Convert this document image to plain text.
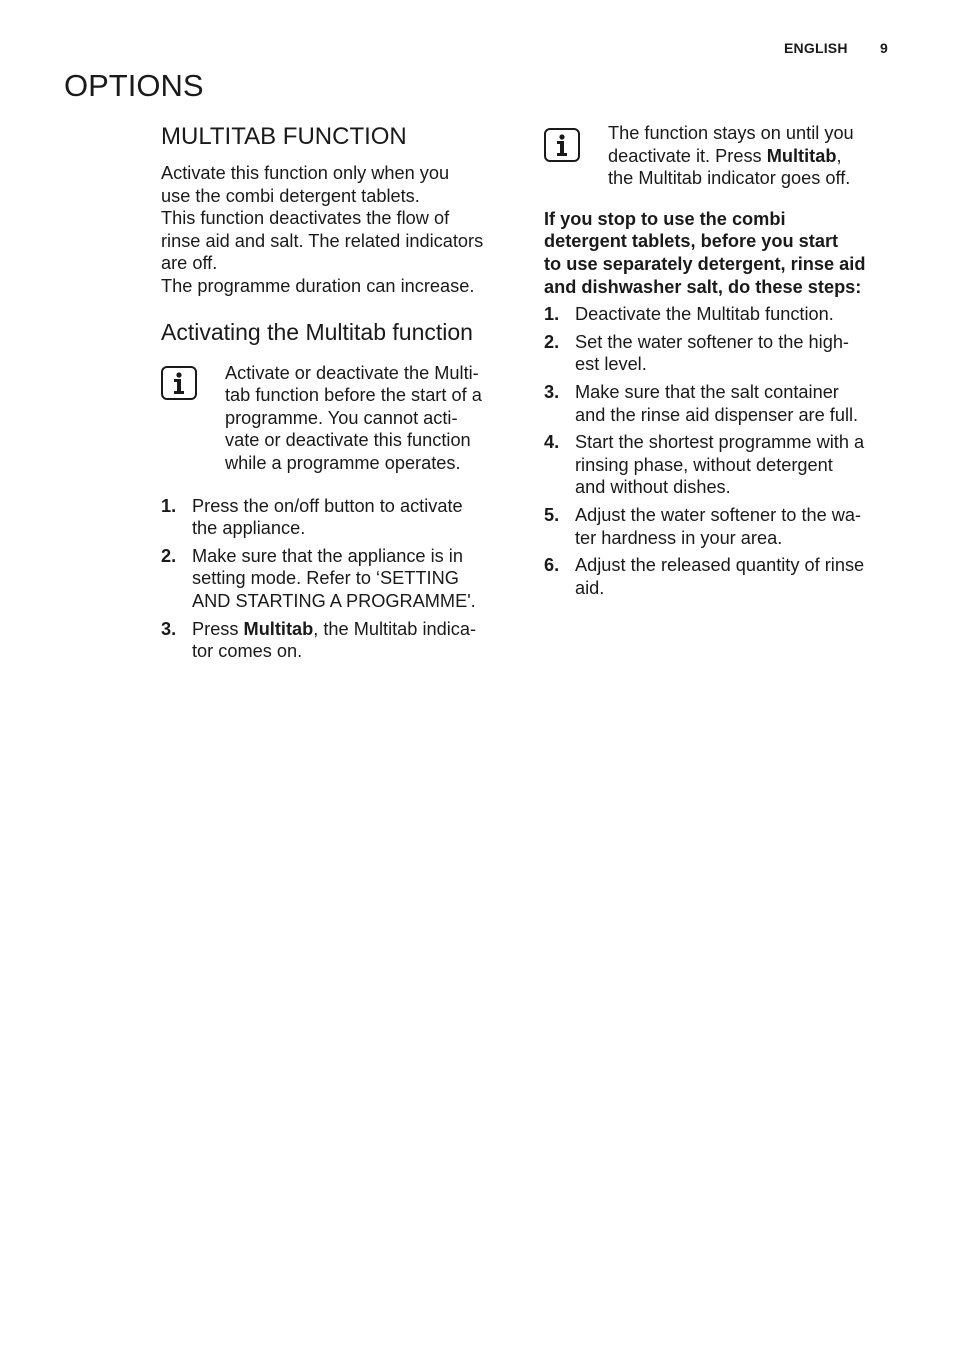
ENGLISH 9
OPTIONS
MULTITAB FUNCTION
Activate this function only when you
use the combi detergent tablets.
This function deactivates the flow of
rinse aid and salt. The related indicators
are off.
The programme duration can increase.
Activating the Multitab function
Activate or deactivate the Multi-
tab function before the start of a
programme. You cannot acti-
vate or deactivate this function
while a programme operates.
1. Press the on/off button to activate
the appliance.
2. Make sure that the appliance is in
setting mode. Refer to ‘SETTING
AND STARTING A PROGRAMME'.
3. Press Multitab, the Multitab indica-
tor comes on.
The function stays on until you
deactivate it. Press Multitab,
the Multitab indicator goes off.
If you stop to use the combi
detergent tablets, before you start
to use separately detergent, rinse aid
and dishwasher salt, do these steps:
1. Deactivate the Multitab function.
2. Set the water softener to the high-
est level.
3. Make sure that the salt container
and the rinse aid dispenser are full.
4. Start the shortest programme with a
rinsing phase, without detergent
and without dishes.
5. Adjust the water softener to the wa-
ter hardness in your area.
6. Adjust the released quantity of rinse
aid.
